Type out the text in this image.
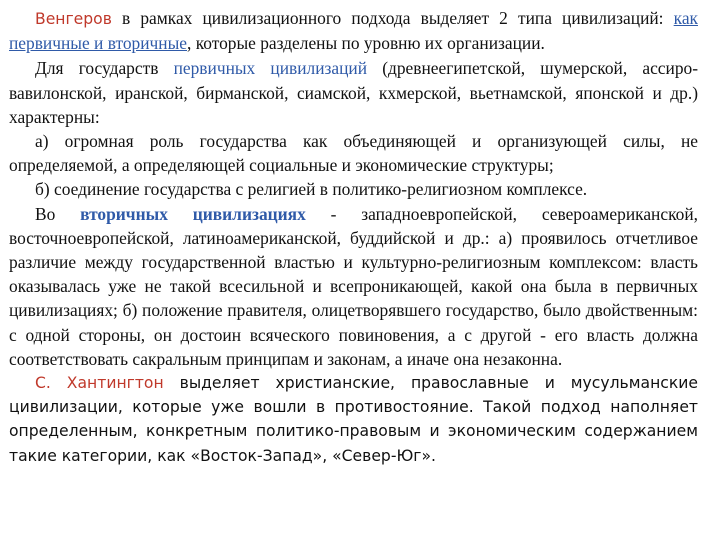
Венгеров в рамках цивилизационного подхода выделяет 2 типа цивилизаций: как первичные и вторичные, которые разделены по уровню их организации.

Для государств первичных цивилизаций (древнеегипетской, шумерской, ассиро-вавилонской, иранской, бирманской, сиамской, кхмерской, вьетнамской, японской и др.) характерны:

а) огромная роль государства как объединяющей и организующей силы, не определяемой, а определяющей социальные и экономические структуры;

б) соединение государства с религией в политико-религиозном комплексе.

Во вторичных цивилизациях - западноевропейской, североамериканской, восточноевропейской, латиноамериканской, буддийской и др.: а) проявилось отчетливое различие между государственной властью и культурно-религиозным комплексом: власть оказывалась уже не такой всесильной и всепроникающей, какой она была в первичных цивилизациях; б) положение правителя, олицетворявшего государство, было двойственным: с одной стороны, он достоин всяческого повиновения, а с другой - его власть должна соответствовать сакральным принципам и законам, а иначе она незаконна.

С. Хантингтон выделяет христианские, православные и мусульманские цивилизации, которые уже вошли в противостояние. Такой подход наполняет определенным, конкретным политико-правовым и экономическим содержанием такие категории, как «Восток-Запад», «Север-Юг».
